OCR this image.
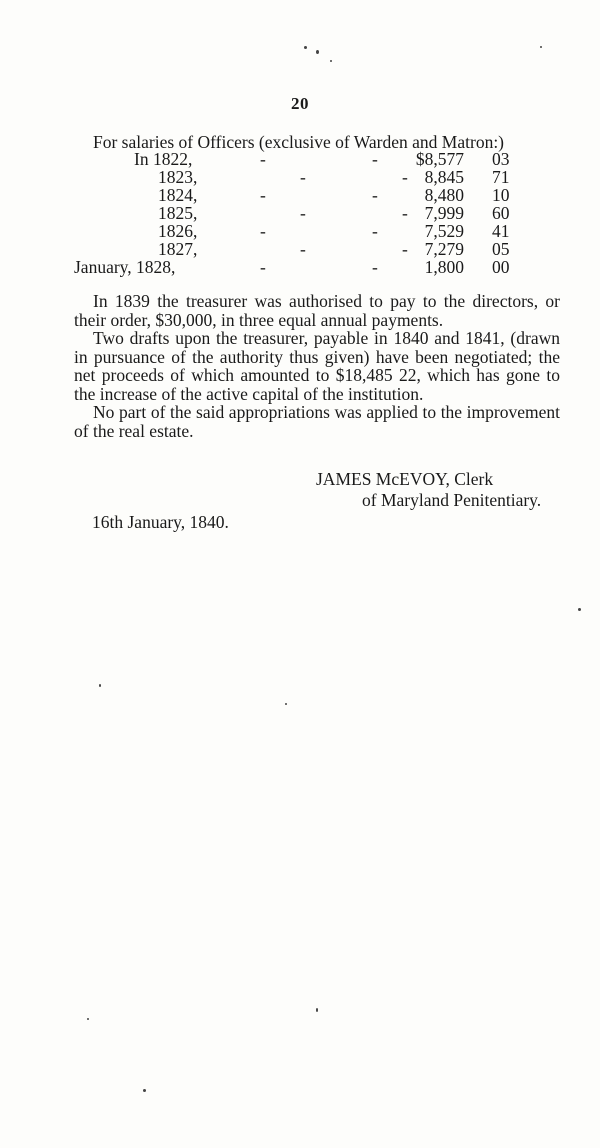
20
For salaries of Officers (exclusive of Warden and Matron:)
In 1822,	-	- $8,577 03
1823,	-	- 8,845 71
1824,	-	-	8,480 10
1825,	-	- 7,999 60
1826,	-	-	7,529 41
1827,	-	- 7,279 05
January, 1828,	-	-	1,800 00

In 1839 the treasurer was authorised to pay to the directors, or their order, $30,000, in three equal annual payments.

Two drafts upon the treasurer, payable in 1840 and 1841, (drawn in pursuance of the authority thus given) have been negotiated; the net proceeds of which amounted to $18,485 22, which has gone to the increase of the active capital of the institution.

No part of the said appropriations was applied to the improvement of the real estate.

JAMES McEVOY, Clerk
of Maryland Penitentiary.
16th January, 1840.
